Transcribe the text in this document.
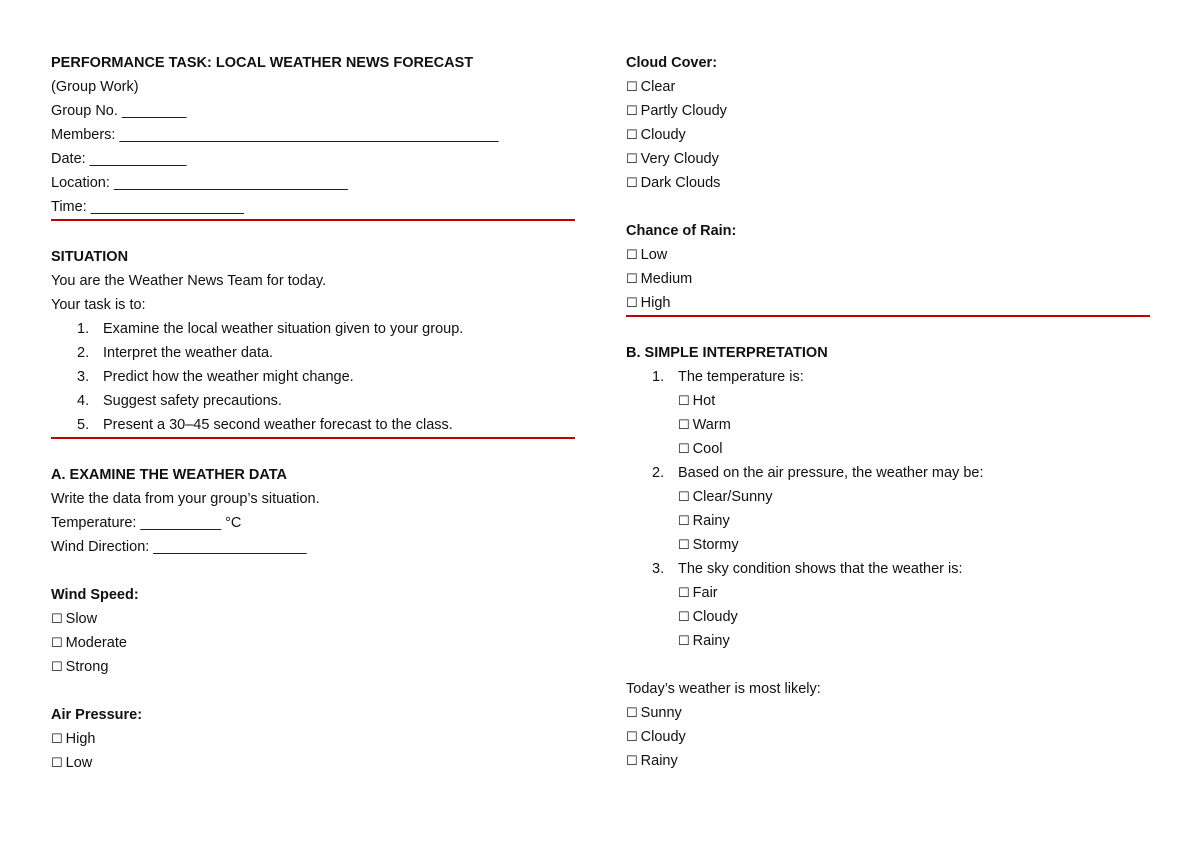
PERFORMANCE TASK: LOCAL WEATHER NEWS FORECAST
(Group Work)
Group No. ________
Members: _______________________________________________
Date: ____________
Location: _____________________________
Time: ___________________
SITUATION
You are the Weather News Team for today.
Your task is to:
1. Examine the local weather situation given to your group.
2. Interpret the weather data.
3. Predict how the weather might change.
4. Suggest safety precautions.
5. Present a 30–45 second weather forecast to the class.
A. EXAMINE THE WEATHER DATA
Write the data from your group’s situation.
Temperature: __________ °C
Wind Direction: ___________________
Wind Speed:
☐ Slow
☐ Moderate
☐ Strong
Air Pressure:
☐ High
☐ Low
Cloud Cover:
☐ Clear
☐ Partly Cloudy
☐ Cloudy
☐ Very Cloudy
☐ Dark Clouds
Chance of Rain:
☐ Low
☐ Medium
☐ High
B. SIMPLE INTERPRETATION
1. The temperature is:
☐ Hot
☐ Warm
☐ Cool
2. Based on the air pressure, the weather may be:
☐ Clear/Sunny
☐ Rainy
☐ Stormy
3. The sky condition shows that the weather is:
☐ Fair
☐ Cloudy
☐ Rainy
Today’s weather is most likely:
☐ Sunny
☐ Cloudy
☐ Rainy
